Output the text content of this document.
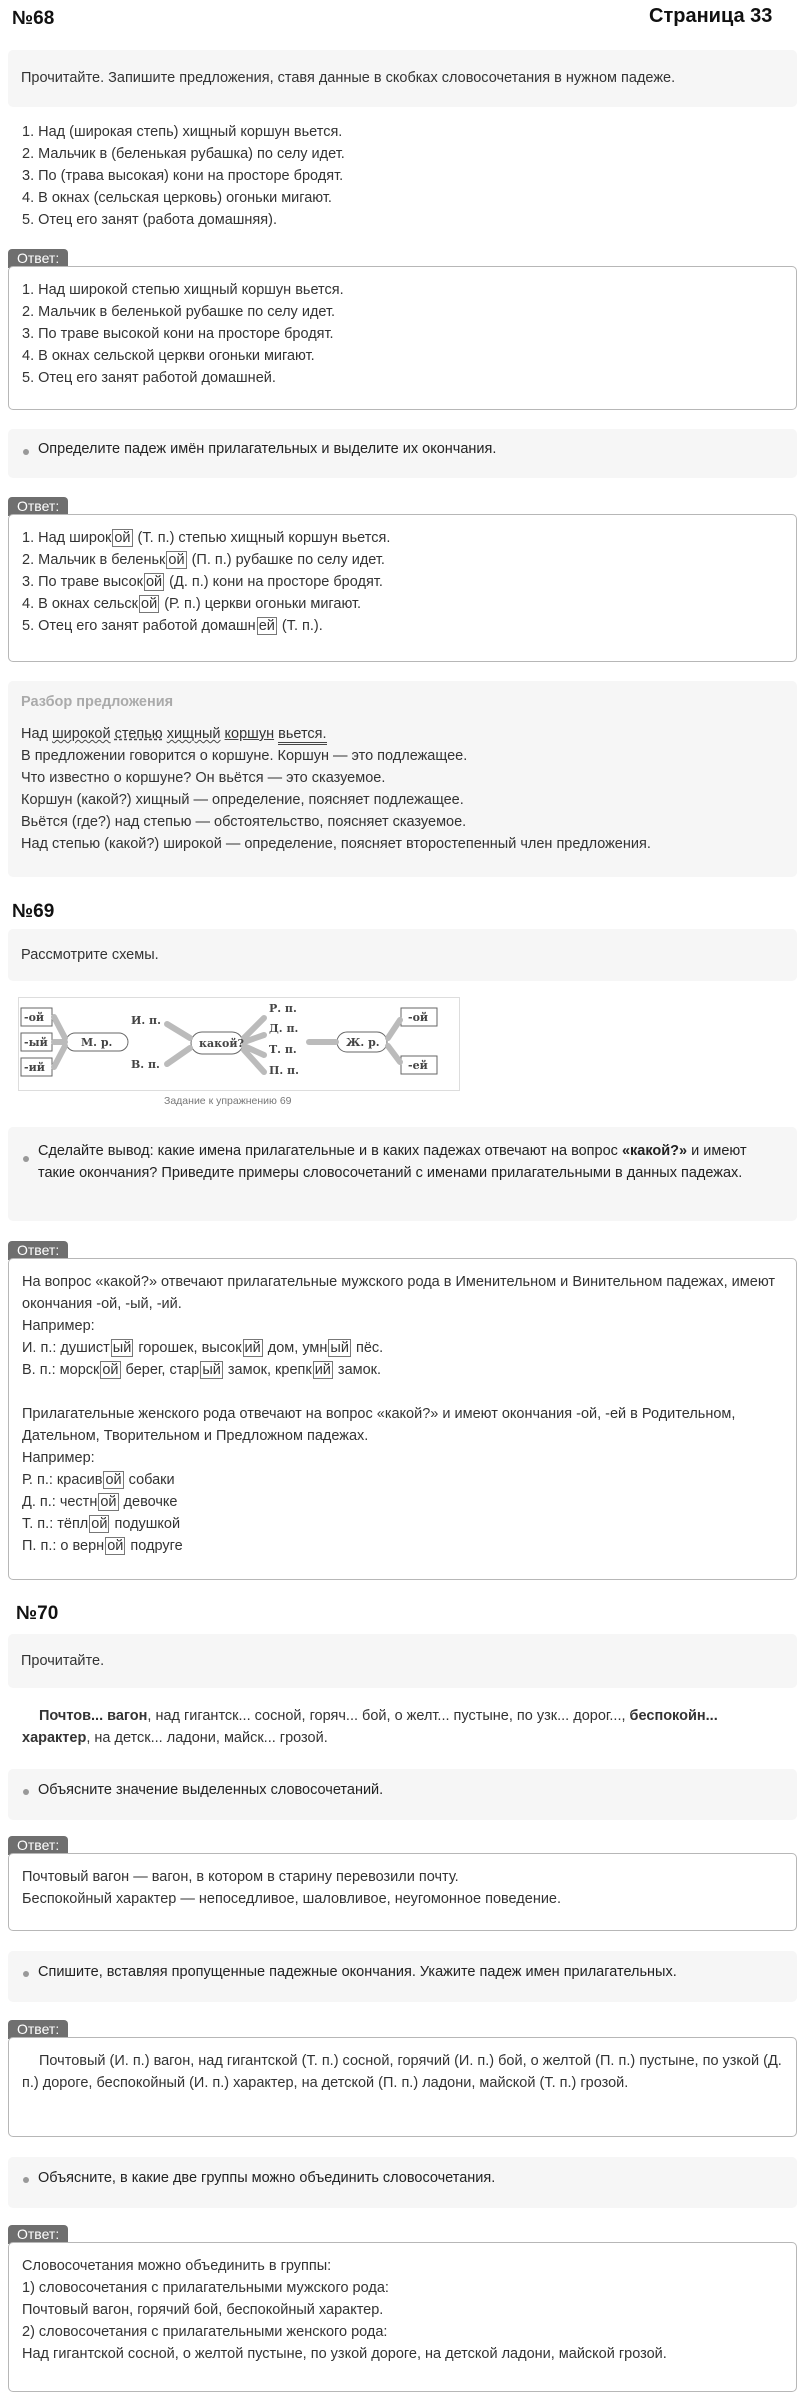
№68	Страница 33
Прочитайте. Запишите предложения, ставя данные в скобках словосочетания в нужном падеже.
1. Над (широкая степь) хищный коршун вьется.
2. Мальчик в (беленькая рубашка) по селу идет.
3. По (трава высокая) кони на просторе бродят.
4. В окнах (сельская церковь) огоньки мигают.
5. Отец его занят (работа домашняя).
Ответ:
1. Над широкой степью хищный коршун вьется.
2. Мальчик в беленькой рубашке по селу идет.
3. По траве высокой кони на просторе бродят.
4. В окнах сельской церкви огоньки мигают.
5. Отец его занят работой домашней.
Определите падеж имён прилагательных и выделите их окончания.
Ответ:
1. Над широк ой (Т. п.) степью хищный коршун вьется.
2. Мальчик в беленьк ой (П. п.) рубашке по селу идет.
3. По траве высок ой (Д. п.) кони на просторе бродят.
4. В окнах сельск ой (Р. п.) церкви огоньки мигают.
5. Отец его занят работой домашн ей (Т. п.).
Разбор предложения
Над широкой степью хищный коршун вьется.
В предложении говорится о коршуне. Коршун — это подлежащее.
Что известно о коршуне? Он вьётся — это сказуемое.
Коршун (какой?) хищный — определение, поясняет подлежащее.
Вьётся (где?) над степью — обстоятельство, поясняет сказуемое.
Над степью (какой?) широкой — определение, поясняет второстепенный член предложения.
№69
Рассмотрите схемы.
-ой
-ый
-ий
М. р.
И. п.
В. п.
какой?
Р. п.
Д. п.
Т. п.
П. п.
Ж. р.
-ой
-ей
Задание к упражнению 69
Сделайте вывод: какие имена прилагательные и в каких падежах отвечают на вопрос «какой?» и имеют такие окончания? Приведите примеры словосочетаний с именами прилагательными в данных падежах.
Ответ:
На вопрос «какой?» отвечают прилагательные мужского рода в Именительном и Винительном падежах, имеют окончания -ой, -ый, -ий.
Например:
И. п.: душист ый горошек, высок ий дом, умн ый пёс.
В. п.: морск ой берег, стар ый замок, крепк ий замок.
Прилагательные женского рода отвечают на вопрос «какой?» и имеют окончания -ой, -ей в Родительном, Дательном, Творительном и Предложном падежах.
Например:
Р. п.: красив ой собаки
Д. п.: честн ой девочке
Т. п.: тёпл ой подушкой
П. п.: о верн ой подруге
№70
Прочитайте.
Почтов... вагон, над гигантск... сосной, горяч... бой, о желт... пустыне, по узк... дорог..., беспокойн... характер, на детск... ладони, майск... грозой.
Объясните значение выделенных словосочетаний.
Ответ:
Почтовый вагон — вагон, в котором в старину перевозили почту.
Беспокойный характер — непоседливое, шаловливое, неугомонное поведение.
Спишите, вставляя пропущенные падежные окончания. Укажите падеж имен прилагательных.
Ответ:
Почтовый (И. п.) вагон, над гигантской (Т. п.) сосной, горячий (И. п.) бой, о желтой (П. п.) пустыне, по узкой (Д. п.) дороге, беспокойный (И. п.) характер, на детской (П. п.) ладони, майской (Т. п.) грозой.
Объясните, в какие две группы можно объединить словосочетания.
Ответ:
Словосочетания можно объединить в группы:
1) словосочетания с прилагательными мужского рода:
Почтовый вагон, горячий бой, беспокойный характер.
2) словосочетания с прилагательными женского рода:
Над гигантской сосной, о желтой пустыне, по узкой дороге, на детской ладони, майской грозой.
